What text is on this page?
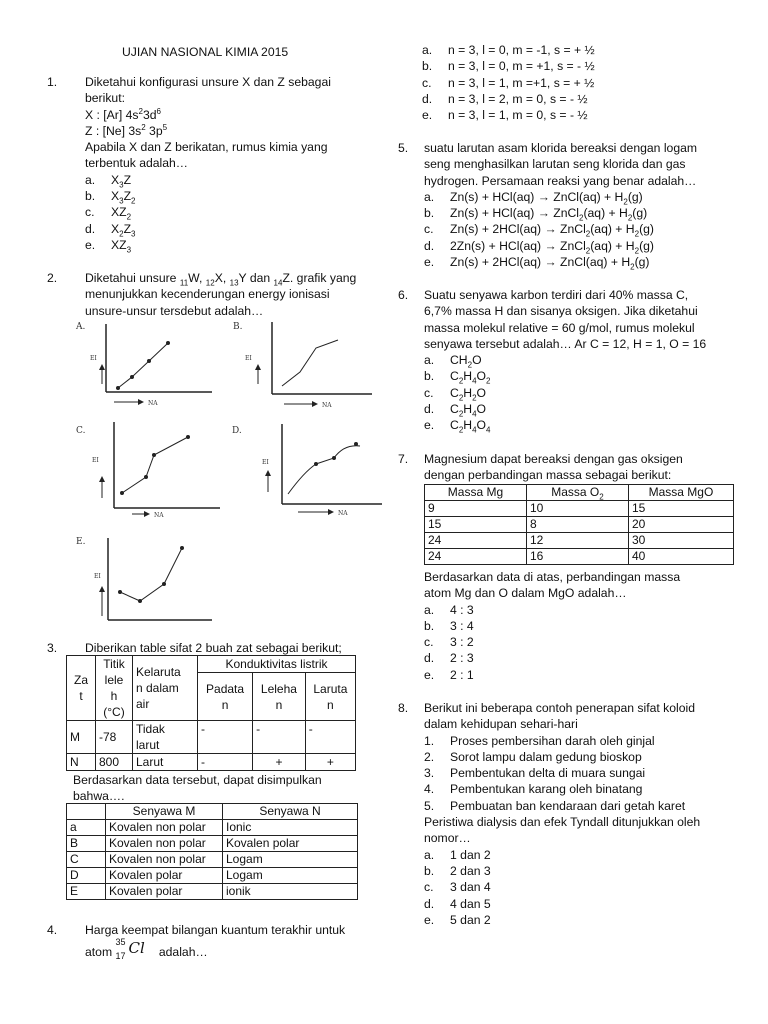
UJIAN NASIONAL KIMIA 2015
1.	Diketahui konfigurasi unsure X dan Z sebagai
berikut:
X : [Ar] $4s^23d^6$
Z : [Ne] $3s^2$ $3p^5$
Apabila X dan Z berikatan, rumus kimia yang
terbentuk adalah…
a.	$X_3Z$
b.	$X_3Z_2$
c.	$XZ_2$
d.	$X_2Z_3$
e.	$XZ_3$
2.	Diketahui unsure $_{11}$W, $_{12}$X, $_{13}$Y dan $_{14}$Z. grafik yang
menunjukkan kecenderungan energy ionisasi
unsure-unsur tersdebut adalah…
A.
EI
NA
B.
EI
NA
C.
EI
NA
D.
EI
NA
E.
EI
3.	Diberikan table sifat 2 buah zat sebagai berikut;
Za
t	Titik
lele
h
(°C)	Kelaruta
n dalam
air	Konduktivitas listrik		
			Padata
n	Leleha
n	Laruta
n
M	-78	Tidak
larut	-	-	-
N	800	Larut	-	+	+
Berdasarkan data tersebut, dapat disimpulkan
bahwa….
	Senyawa M	Senyawa N
a	Kovalen non polar	Ionic
B	Kovalen non polar	Kovalen polar
C	Kovalen non polar	Logam
D	Kovalen polar	Logam
E	Kovalen polar	ionik
4.	Harga keempat bilangan kuantum terakhir untuk
atom
35
17 Cl adalah…
a.	n = 3, l = 0, m = -1, s = + ½
b.	n = 3, l = 0, m = +1, s = - ½
c.	n = 3, l = 1, m =+1, s = + ½
d.	n = 3, l = 2, m = 0, s = - ½
e.	n = 3, l = 1, m = 0, s = - ½
5.	suatu larutan asam klorida bereaksi dengan logam
seng menghasilkan larutan seng klorida dan gas
hydrogen. Persamaan reaksi yang benar adalah…
a.	Zn(s) + HCl(aq) → ZnCl(aq) + $H_2(g)$
b.	Zn(s) + HCl(aq) → ZnCl$_2$(aq) + $H_2(g)$
c.	Zn(s) + 2HCl(aq) → ZnCl$_2$(aq) + $H_2(g)$
d.	2Zn(s) + HCl(aq) → ZnCl$_2$(aq) + $H_2(g)$
e.	Zn(s) + 2HCl(aq) → ZnCl(aq) + $H_2(g)$
6.	Suatu senyawa karbon terdiri dari 40% massa C,
6,7% massa H dan sisanya oksigen. Jika diketahui
massa molekul relative = 60 g/mol, rumus molekul
senyawa tersebut adalah… Ar C = 12, H = 1, O = 16
a.	$CH_2O$
b.	$C_2H_4O_2$
c.	$C_2H_2O$
d.	$C_2H_4O$
e.	$C_2H_4O_4$
7.	Magnesium dapat bereaksi dengan gas oksigen
dengan perbandingan massa sebagai berikut:
Massa Mg	Massa $O_2$	Massa MgO
9	10	15
15	8	20
24	12	30
24	16	40
Berdasarkan data di atas, perbandingan massa
atom Mg dan O dalam MgO adalah…
a.	4 : 3
b.	3 : 4
c.	3 : 2
d.	2 : 3
e.	2 : 1
8.	Berikut ini beberapa contoh penerapan sifat koloid
dalam kehidupan sehari-hari
1.	Proses pembersihan darah oleh ginjal
2.	Sorot lampu dalam gedung bioskop
3.	Pembentukan delta di muara sungai
4.	Pembentukan karang oleh binatang
5.	Pembuatan ban kendaraan dari getah karet
Peristiwa dialysis dan efek Tyndall ditunjukkan oleh
nomor…
a.	1 dan 2
b.	2 dan 3
c.	3 dan 4
d.	4 dan 5
e.	5 dan 2
